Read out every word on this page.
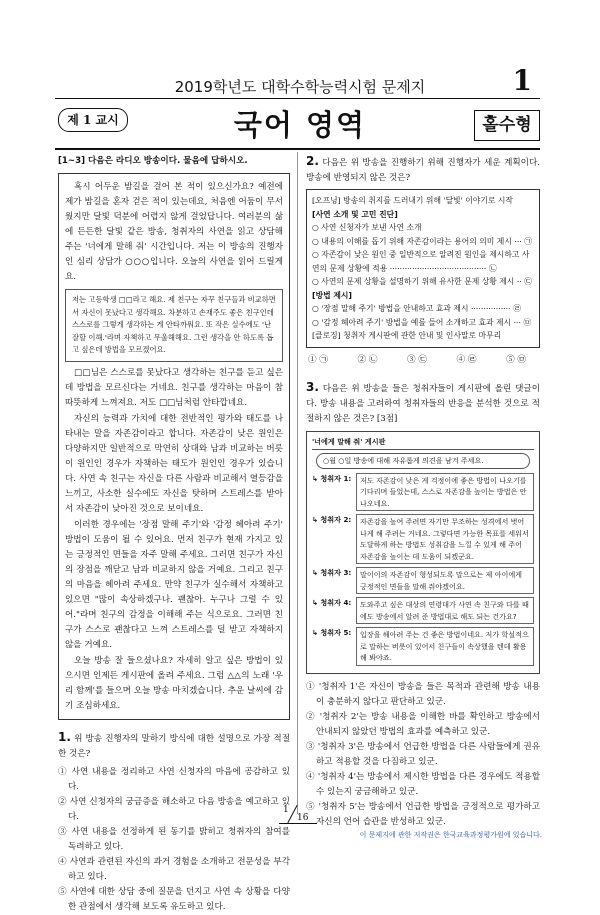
2019학년도 대학수학능력시험 문제지	1
제 1 교시	국어 영역	홀수형
[1~3] 다음은 라디오 방송이다. 물음에 답하시오.

혹시 어두운 밤길을 걸어 본 적이 있으신가요? 예전에 제가 밤길을 혼자 걷은 적이 있는데요, 처음엔 어둠이 무서웠지만 달빛 덕분에 어렵지 않게 걸었답니다. 여러분의 삶에 든든한 달빛 같은 방송, 청취자의 사연을 읽고 상담해 주는 '너에게 말해 줘' 시간입니다. 저는 이 방송의 진행자인 심리 상담가 ○○○입니다. 오늘의 사연을 읽어 드릴게요.

저는 고등학생 □□라고 해요. 제 친구는 자꾸 친구들과 비교하면서 자신이 못났다고 생각해요. 차분하고 손재주도 좋은 친구인데 스스로를 그렇게 생각하는 게 안타까워요. 또 작은 실수에도 '난 잘할 이해.'라며 자책하고 무울해해요. 그런 생각을 안 하도록 돕고 싶은데 방법을 모르겠어요.

□□님은 스스로를 못났다고 생각하는 친구를 듣고 싶은데 방법을 모르신다는 거네요. 친구를 생각하는 마음이 참 따뜻하게 느껴져요. 저도 □□님처럼 안타깝네요.

자신의 능력과 가치에 대한 전반적인 평가와 태도를 나타내는 말을 자존감이라고 합니다. 자존감이 낮은 원인은 다양하지만 일반적으로 막연히 상대와 남과 비교하는 버릇이 원인인 경우가 자책하는 태도가 원인인 경우가 있습니다. 사연 속 친구는 자신을 다른 사람과 비교해서 열등감을 느끼고, 사소한 실수에도 자신을 탓하며 스트레스를 받아서 자존감이 낮아진 것으로 보이네요.

이러한 경우에는 '장점 말해 주기'와 '감정 헤아려 주기' 방법이 도움이 될 수 있어요. 먼저 친구가 현재 가지고 있는 긍정적인 면들을 자주 말해 주세요. 그러면 친구가 자신의 장점을 깨닫고 남과 비교하지 않을 거예요. 그리고 친구의 마음을 헤아려 주세요. 만약 친구가 실수해서 자책하고 있으면 "많이 속상하겠구나. 괜찮아. 누구나 그럴 수 있어."라며 친구의 감정을 이해해 주는 식으로요. 그러면 친구가 스스로 괜찮다고 느껴 스트레스를 덜 받고 자책하지 않을 거예요.

오늘 방송 잘 들으셨나요? 자세히 알고 싶은 방법이 있으시면 인제든 게시판에 올려 주세요. 그럼 △△의 노래 '우리 함께'를 들으며 오늘 방송 마치겠습니다. 추운 날씨에 감기 조심하세요.

1. 위 방송 진행자의 말하기 방식에 대한 설명으로 가장 적절한 것은?

① 사연 내용을 정리하고 사연 신청자의 마음에 공감하고 있다.

② 사연 신청자의 궁금증을 해소하고 다음 방송을 예고하고 있다.

③ 사연 내용을 선정하게 된 동기를 밝히고 청취자의 참여를 독려하고 있다.

④ 사연과 관련된 자신의 과거 경험을 소개하고 전문성을 부각하고 있다.

⑤ 사연에 대한 상담 중에 질문을 던지고 사연 속 상황을 다양한 관점에서 생각해 보도록 유도하고 있다.

2. 다음은 위 방송을 진행하기 위해 진행자가 세운 계획이다. 방송에 반영되지 않은 것은?
[오프닝] 방송의 취지를 드러내기 위해 '달빛' 이야기로 시작
[사연 소개 및 고민 진단]
○ 사연 신청자가 보낸 사연 소개
○ 내용의 이해를 돕기 위해 자존감이라는 용어의 의미 제시 ··· ㉠
○ 자존감이 낮은 원인 중 일반적으로 알려진 원인을 제시하고 사연의 문제 상황에 적용 ······································· ㉡
○ 사연의 문제 상황을 설명하기 위해 유사한 문제 상황 제시 ·· ㉢
[방법 제시]
○ '장점 말해 주기' 방법을 안내하고 효과 제시 ················ ㉣
○ '감정 헤아려 주기' 방법을 예를 들어 소개하고 효과 제시 ··· ㉤
[클로징] 청취자 게시판에 관한 안내 및 인사말로 마무리
① ㉠	② ㉡	③ ㉢	④ ㉣	⑤ ㉤
3. 다음은 위 방송을 들은 청취자들이 게시판에 올린 댓글이다. 방송 내용을 고려하여 청취자들의 반응을 분석한 것으로 적절하지 않은 것은? [3점]
'너에게 말해 줘' 게시판
○월 ○일 방송에 대해 자유롭게 의견을 남겨 주세요.
↳ 청취자 1:	저도 자존감이 낮은 게 걱정이에 좋은 방법이 나오기를 기다리며 들었는데, 스스로 자존감을 높이는 방법은 안 나오네요.
↳ 청취자 2:	자존감을 높여 주려면 자기만 무조하는 성격에서 벗어나게 해 주려는 거네요. 그렇다면 가능한 목표를 세워서 도달하게 하는 방법도 성취감을 느낄 수 있게 해 주어 자존감을 높이는 데 도움이 되겠군요.
↳ 청취자 3:	말이이의 자존감이 형성되도록 말으로는 제 아이에게 긍정적인 면들을 말해 줘야겠어요.
↳ 청취자 4:	도와주고 싶은 대상의 연령대가 사연 속 친구와 다를 때에도 방송에서 알려 준 방법대로 해도 되는 건가요?
↳ 청취자 5:	입장을 헤아려 주는 건 좋은 방법이네요. 저가 학설적으로 말하는 버릇이 있어서 친구들이 속상했을 텐데 활용해 봐야죠.

① '청취자 1'은 자신이 방송을 들은 목적과 관련해 방송 내용이 충분하지 않다고 판단하고 있군.

② '청취자 2'는 방송 내용을 이해한 바를 확인하고 방송에서 안내되지 않았던 방법의 효과를 예측하고 있군.

③ '청취자 3'은 방송에서 언급한 방법을 다른 사람들에게 권유하고 적용할 것을 다짐하고 있군.

④ '청취자 4'는 방송에서 제시한 방법을 다른 경우에도 적용할 수 있는지 궁금해하고 있군.

⑤ '청취자 5'는 방송에서 언급한 방법을 긍정적으로 평가하고 자신의 언어 습관을 반성하고 있군.

1
16
이 문제지에 관한 저작권은 한국교육과정평가원에 있습니다.
